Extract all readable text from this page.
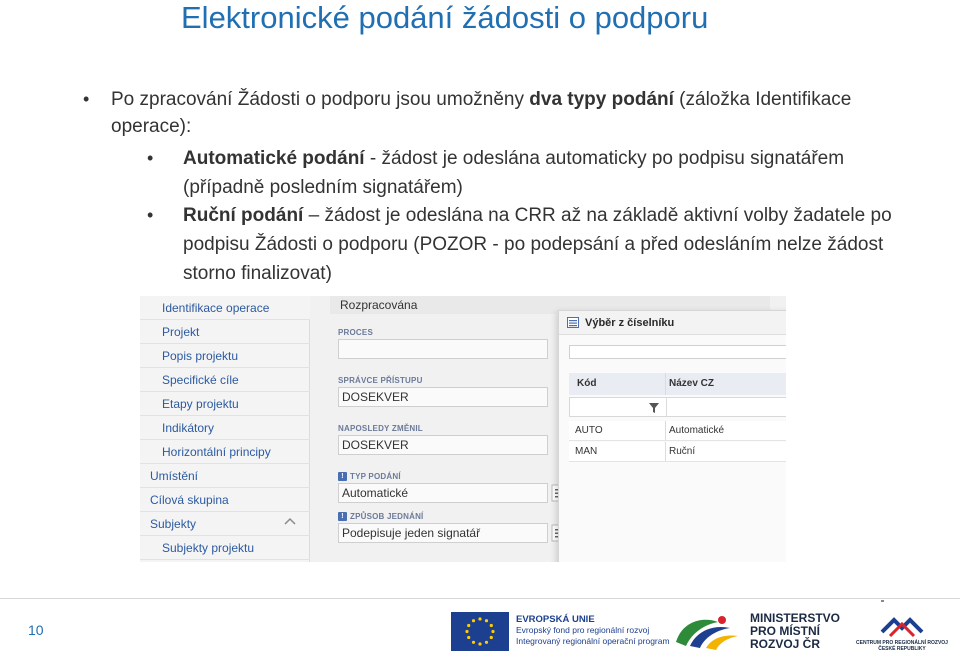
Elektronické podání žádosti o podporu
• Po zpracování Žádosti o podporu jsou umožněny dva typy podání (záložka Identifikace operace):
• Automatické podání - žádost je odeslána automaticky po podpisu signatářem (případně posledním signatářem)
• Ruční podání – žádost je odeslána na CRR až na základě aktivní volby žadatele po podpisu Žádosti o podporu (POZOR - po podepsání a před odesláním nelze žádost storno finalizovat)
Identifikace operace
Projekt
Popis projektu
Specifické cíle
Etapy projektu
Indikátory
Horizontální principy
Umístění
Cílová skupina
Subjekty
Subjekty projektu
Rozpracována
PROCES
SPRÁVCE PŘÍSTUPU
DOSEKVER
NAPOSLEDY ZMĚNIL
DOSEKVER
! TYP PODÁNÍ
Automatické
! ZPŮSOB JEDNÁNÍ
Podepisuje jeden signatář
Výběr z číselníku
Kód	Název CZ
AUTO	Automatické
MAN	Ruční
10
EVROPSKÁ UNIE
Evropský fond pro regionální rozvoj
Integrovaný regionální operační program
MINISTERSTVO
PRO MÍSTNÍ
ROZVOJ ČR	CENTRUM PRO REGIONÁLNÍ ROZVOJ
ČESKÉ REPUBLIKY
